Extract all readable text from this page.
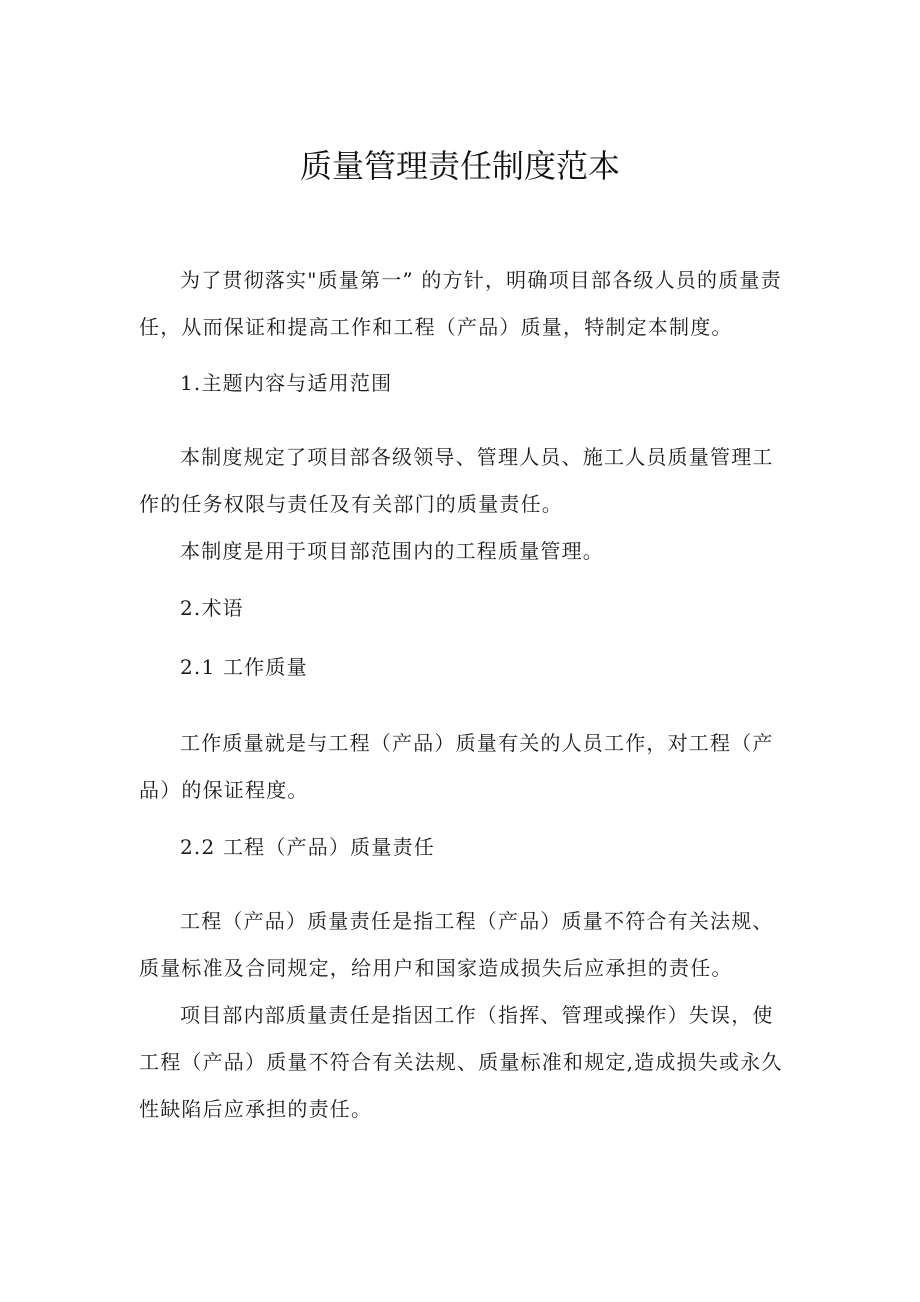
质量管理责任制度范本

为了贯彻落实"质量第一” 的方针，明确项目部各级人员的质量责任，从而保证和提高工作和工程（产品）质量，特制定本制度。

1.主题内容与适用范围

本制度规定了项目部各级领导、管理人员、施工人员质量管理工作的任务权限与责任及有关部门的质量责任。

本制度是用于项目部范围内的工程质量管理。

2.术语

2.1 工作质量

工作质量就是与工程（产品）质量有关的人员工作，对工程（产品）的保证程度。

2.2 工程（产品）质量责任

工程（产品）质量责任是指工程（产品）质量不符合有关法规、质量标准及合同规定，给用户和国家造成损失后应承担的责任。

项目部内部质量责任是指因工作（指挥、管理或操作）失误，使工程（产品）质量不符合有关法规、质量标准和规定,造成损失或永久性缺陷后应承担的责任。
